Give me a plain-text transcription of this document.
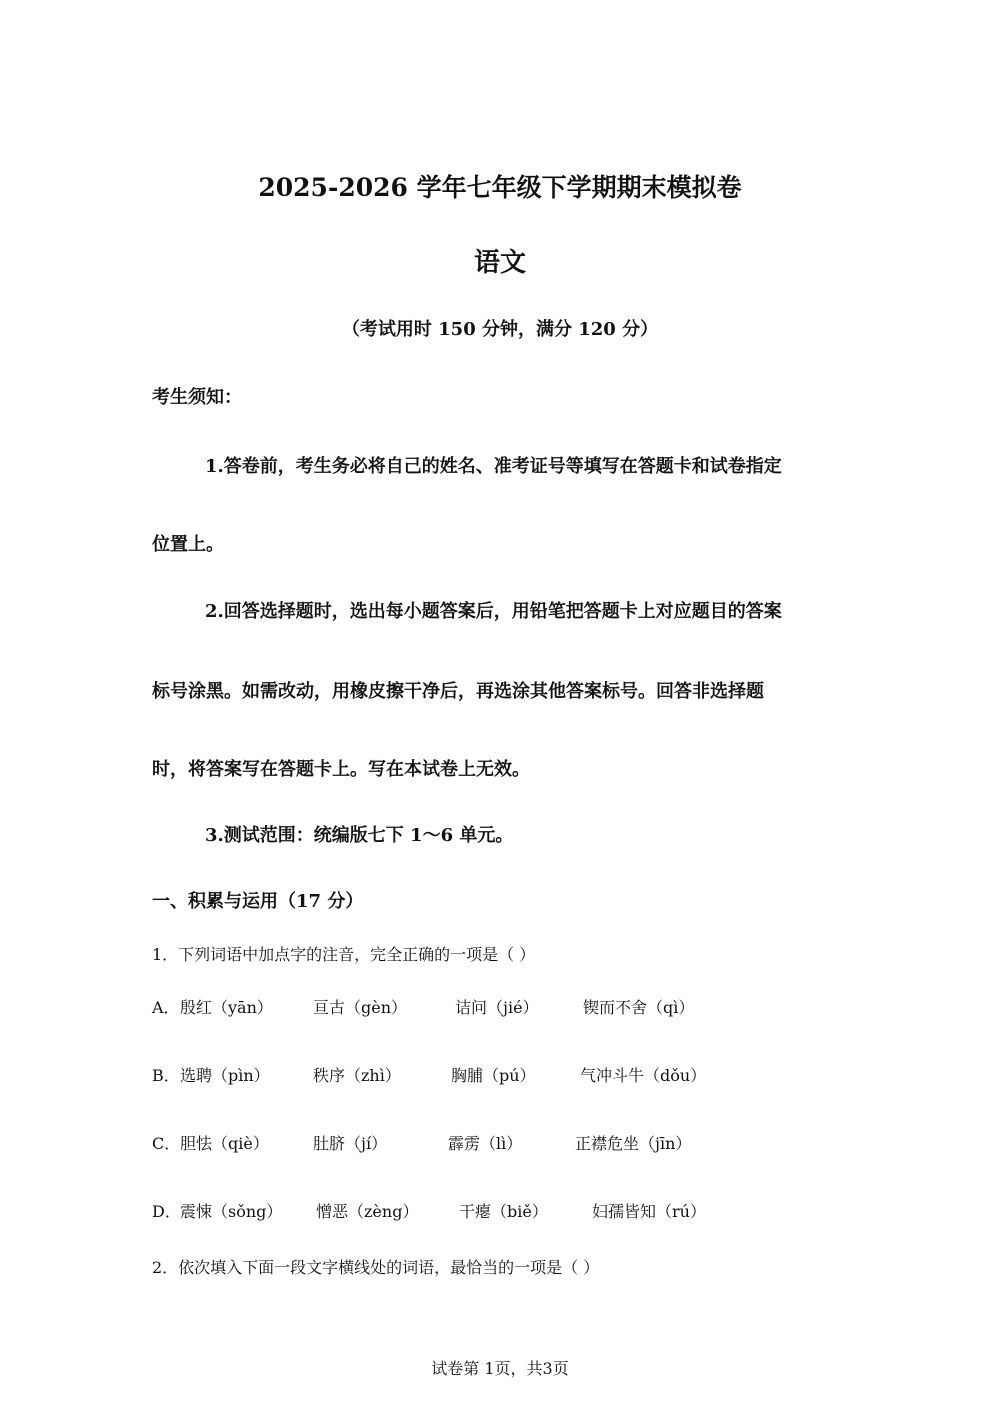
2025-2026 学年七年级下学期期末模拟卷
语文
（考试用时 150 分钟，满分 120 分）
考生须知：
1.答卷前，考生务必将自己的姓名、准考证号等填写在答题卡和试卷指定
位置上。
2.回答选择题时，选出每小题答案后，用铅笔把答题卡上对应题目的答案
标号涂黑。如需改动，用橡皮擦干净后，再选涂其他答案标号。回答非选择题
时，将答案写在答题卡上。写在本试卷上无效。
3.测试范围：统编版七下 1～6 单元。
一、积累与运用（17 分）
1．下列词语中加点字的注音，完全正确的一项是（ ）
A． 殷红（yān）	亘古（gèn）	诘问（jié）	锲而不舍（qì）
B． 选聘（pìn）	秩序（zhì）	胸脯（pú）	气冲斗牛（dǒu）
C． 胆怯（qiè）	肚脐（jí）	霹雳（lì）	正襟危坐（jīn）
D． 震悚（sǒng） 憎恶（zèng）	干瘪（biě）	妇孺皆知（rú）
2．依次填入下面一段文字横线处的词语，最恰当的一项是（ ）
试卷第 1页，共3页
